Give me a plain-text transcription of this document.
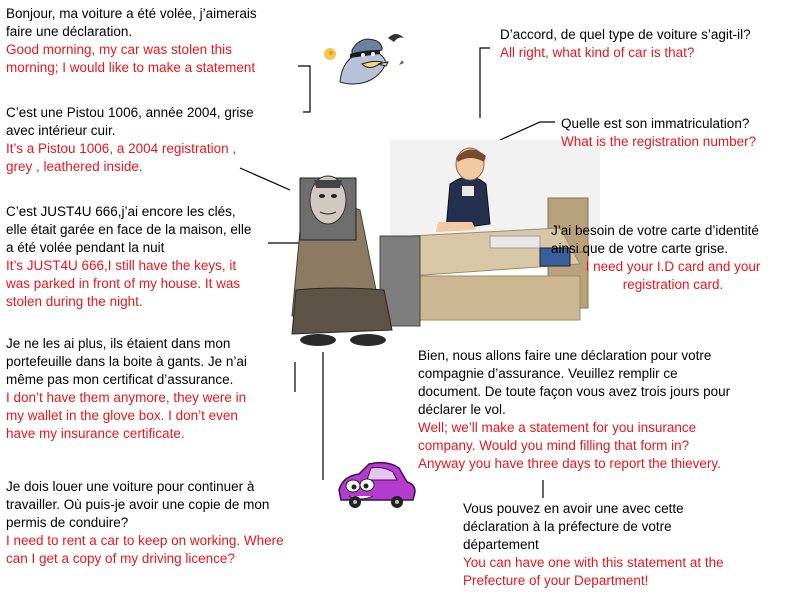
Bonjour, ma voiture a été volée, j’aimerais
faire une déclaration.
Good morning, my car was stolen this
morning; I would like to make a statement
D’accord, de quel type de voiture s’agit-il?
All right, what kind of car is that?
C’est une Pistou 1006, année 2004, grise
avec intérieur cuir.
It’s a Pistou 1006, a 2004 registration ,
grey , leathered inside.
Quelle est son immatriculation?
What is the registration number?
C’est JUST4U 666,j’ai encore les clés,
elle était garée en face de la maison, elle
a été volée pendant la nuit
It’s JUST4U 666,I still have the keys, it
was parked in front of my house. It was
stolen during the night.
J’ai besoin de votre carte d’identité
ainsi que de votre carte grise.
I need your I.D card and your
registration card.
Je ne les ai plus, ils étaient dans mon
portefeuille dans la boite à gants. Je n’ai
même pas mon certificat d’assurance.
I don’t have them anymore, they were in
my wallet in the glove box. I don’t even
have my insurance certificate.
Bien, nous allons faire une déclaration pour votre
compagnie d’assurance. Veuillez remplir ce
document. De toute façon vous avez trois jours pour
déclarer le vol.
Well; we’ll make a statement for you insurance
company. Would you mind filling that form in?
Anyway you have three days to report the thievery.
Je dois louer une voiture pour continuer à
travailler. Où puis-je avoir une copie de mon
permis de conduire?
I need to rent a car to keep on working. Where
can I get a copy of my driving licence?
Vous pouvez en avoir une avec cette
déclaration à la préfecture de votre
département
You can have one with this statement at the
Prefecture of your Department!
